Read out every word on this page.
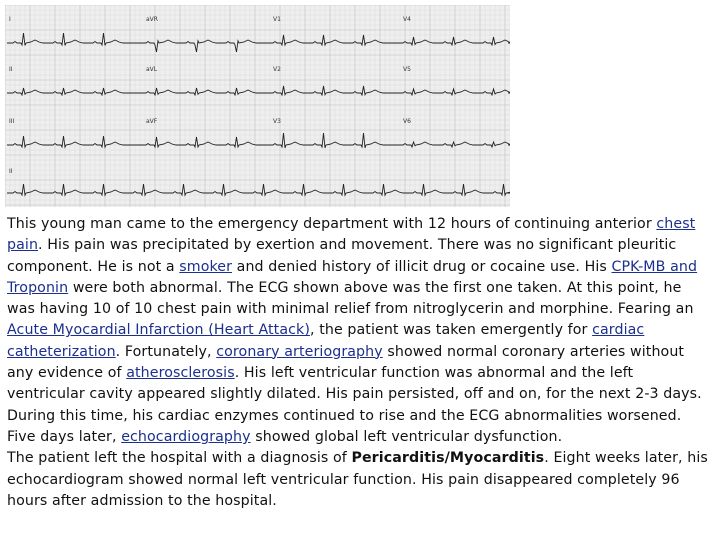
I	aVR	V1	V4
II	aVL	V2	V5
III	aVF	V3	V6
II

This young man came to the emergency department with 12 hours of continuing anterior chest pain. His pain was precipitated by exertion and movement. There was no significant pleuritic component. He is not a smoker and denied history of illicit drug or cocaine use. His CPK-MB and Troponin were both abnormal. The ECG shown above was the first one taken. At this point, he was having 10 of 10 chest pain with minimal relief from nitroglycerin and morphine. Fearing an Acute Myocardial Infarction (Heart Attack), the patient was taken emergently for cardiac catheterization. Fortunately, coronary arteriography showed normal coronary arteries without any evidence of atherosclerosis. His left ventricular function was abnormal and the left ventricular cavity appeared slightly dilated. His pain persisted, off and on, for the next 2-3 days. During this time, his cardiac enzymes continued to rise and the ECG abnormalities worsened. Five days later, echocardiography showed global left ventricular dysfunction.

The patient left the hospital with a diagnosis of Pericarditis/Myocarditis. Eight weeks later, his echocardiogram showed normal left ventricular function. His pain disappeared completely 96 hours after admission to the hospital.
